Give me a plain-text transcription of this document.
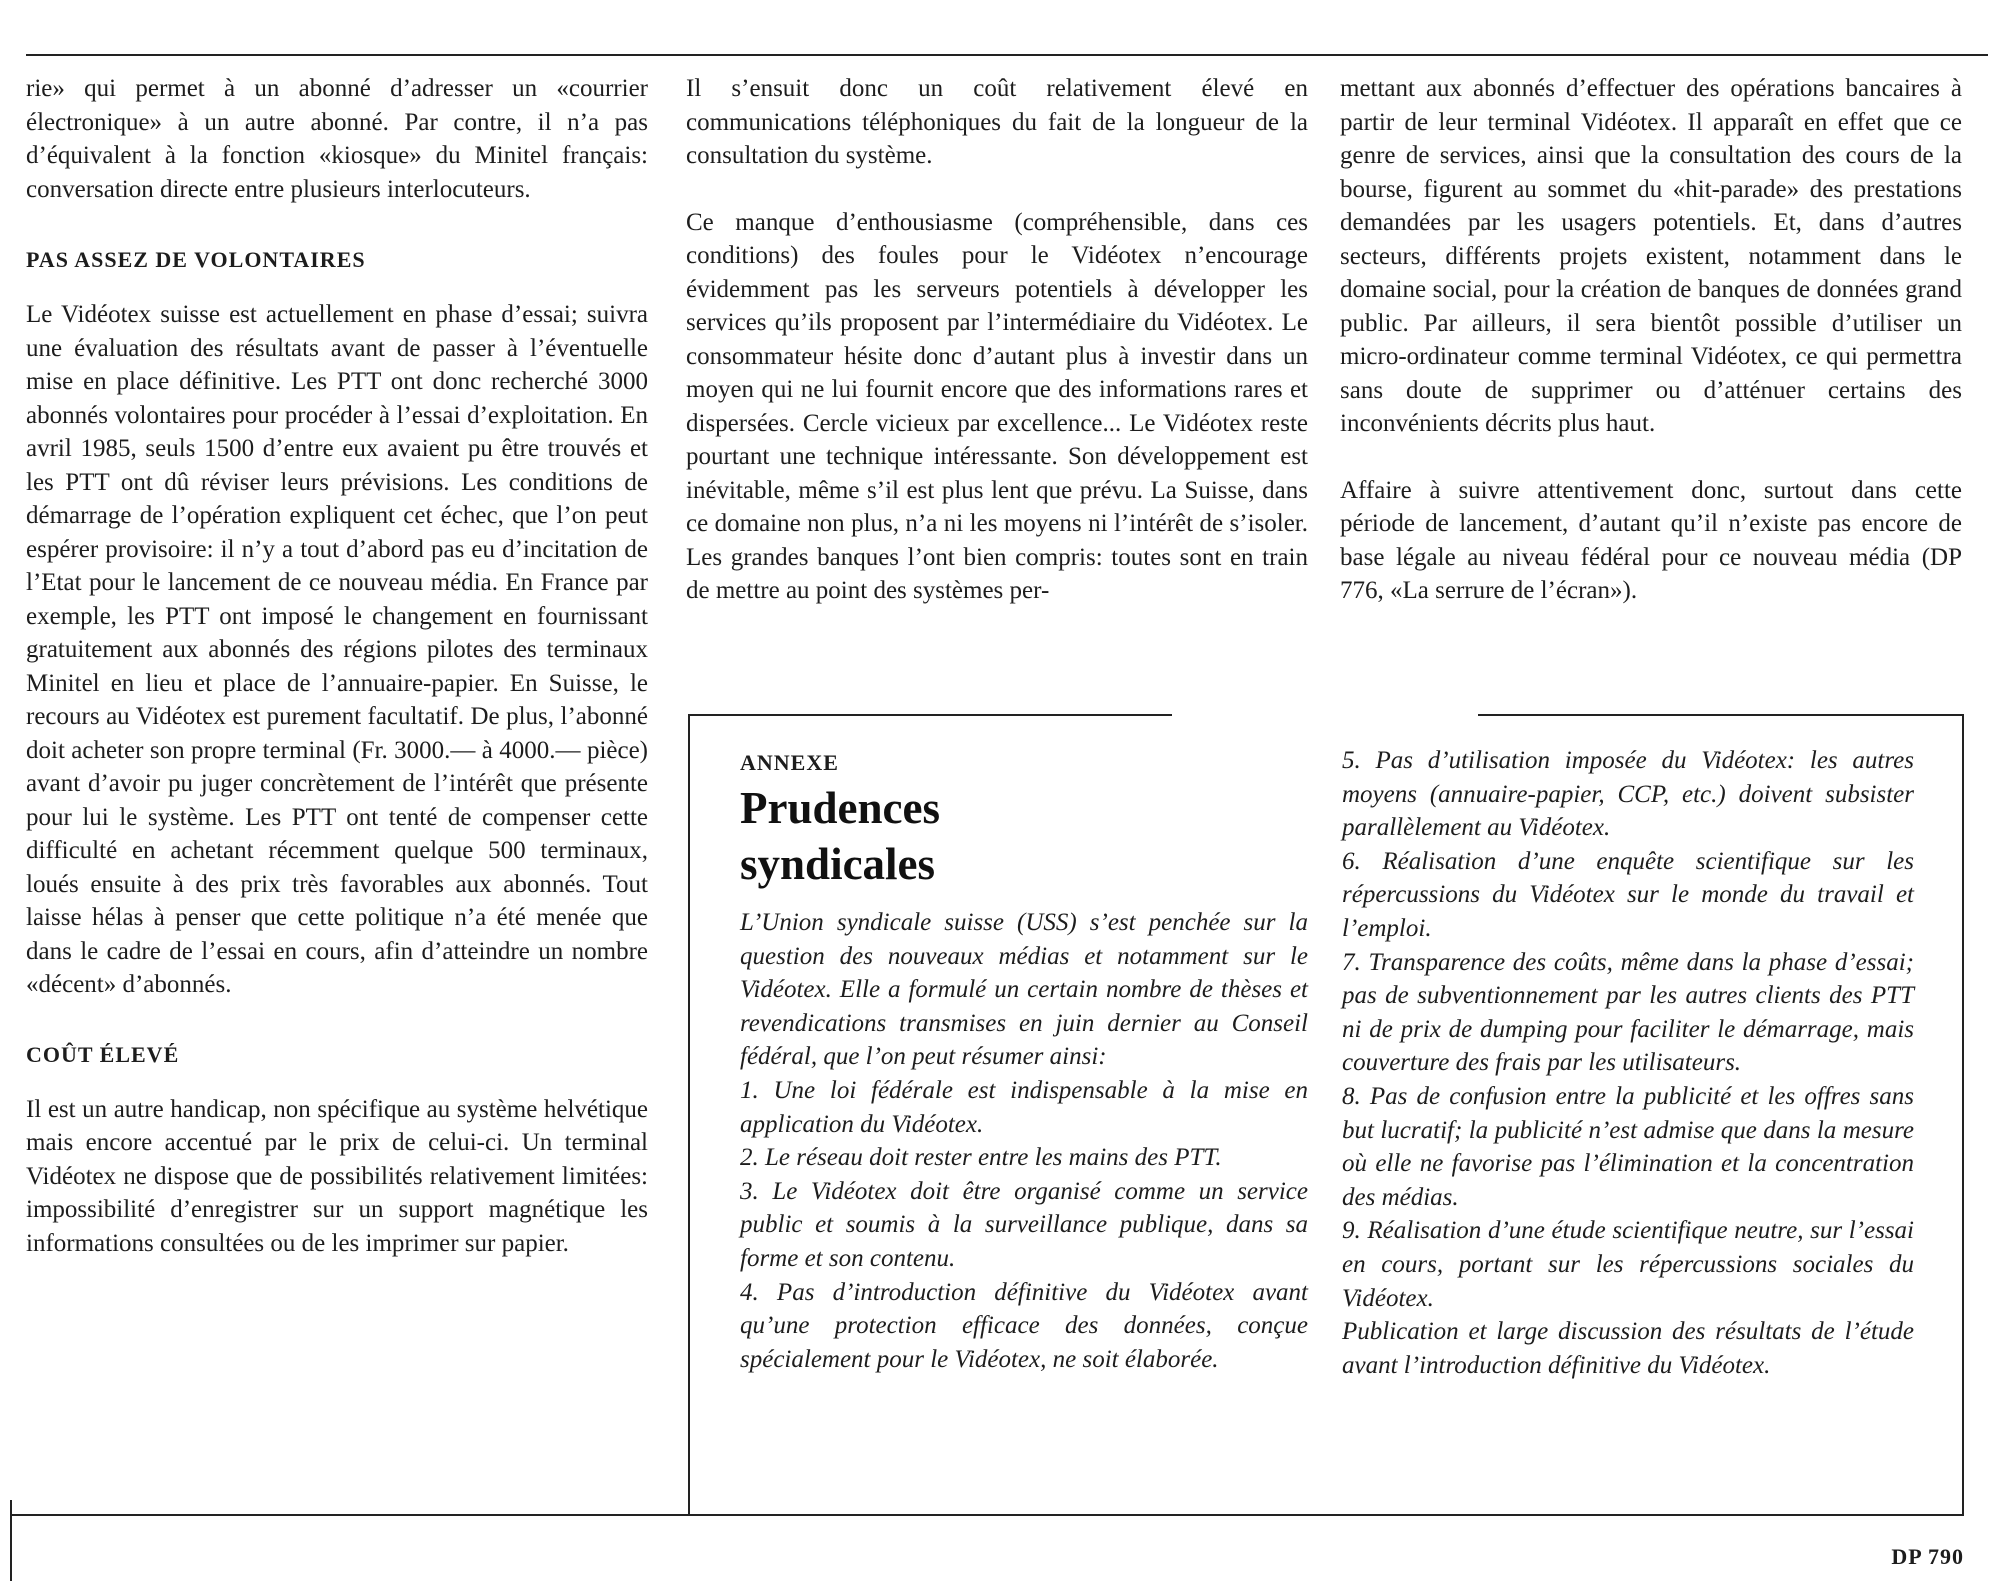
rie» qui permet à un abonné d’adresser un «courrier électronique» à un autre abonné. Par contre, il n’a pas d’équivalent à la fonction «kiosque» du Minitel français: conversation directe entre plusieurs interlocuteurs.

PAS ASSEZ DE VOLONTAIRES

Le Vidéotex suisse est actuellement en phase d’essai; suivra une évaluation des résultats avant de passer à l’éventuelle mise en place définitive. Les PTT ont donc recherché 3000 abonnés volontaires pour procéder à l’essai d’exploitation. En avril 1985, seuls 1500 d’entre eux avaient pu être trouvés et les PTT ont dû réviser leurs prévisions. Les conditions de démarrage de l’opération expliquent cet échec, que l’on peut espérer provisoire: il n’y a tout d’abord pas eu d’incitation de l’Etat pour le lancement de ce nouveau média. En France par exemple, les PTT ont imposé le changement en fournissant gratuitement aux abonnés des régions pilotes des terminaux Minitel en lieu et place de l’annuaire-papier. En Suisse, le recours au Vidéotex est purement facultatif. De plus, l’abonné doit acheter son propre terminal (Fr. 3000.— à 4000.— pièce) avant d’avoir pu juger concrètement de l’intérêt que présente pour lui le système. Les PTT ont tenté de compenser cette difficulté en achetant récemment quelque 500 terminaux, loués ensuite à des prix très favorables aux abonnés. Tout laisse hélas à penser que cette politique n’a été menée que dans le cadre de l’essai en cours, afin d’atteindre un nombre «décent» d’abonnés.

COÛT ÉLEVÉ

Il est un autre handicap, non spécifique au système helvétique mais encore accentué par le prix de celui-ci. Un terminal Vidéotex ne dispose que de possibilités relativement limitées: impossibilité d’enregistrer sur un support magnétique les informations consultées ou de les imprimer sur papier.

Il s’ensuit donc un coût relativement élevé en communications téléphoniques du fait de la longueur de la consultation du système.

Ce manque d’enthousiasme (compréhensible, dans ces conditions) des foules pour le Vidéotex n’encourage évidemment pas les serveurs potentiels à développer les services qu’ils proposent par l’intermédiaire du Vidéotex. Le consommateur hésite donc d’autant plus à investir dans un moyen qui ne lui fournit encore que des informations rares et dispersées. Cercle vicieux par excellence... Le Vidéotex reste pourtant une technique intéressante. Son développement est inévitable, même s’il est plus lent que prévu. La Suisse, dans ce domaine non plus, n’a ni les moyens ni l’intérêt de s’isoler. Les grandes banques l’ont bien compris: toutes sont en train de mettre au point des systèmes per-

mettant aux abonnés d’effectuer des opérations bancaires à partir de leur terminal Vidéotex. Il apparaît en effet que ce genre de services, ainsi que la consultation des cours de la bourse, figurent au sommet du «hit-parade» des prestations demandées par les usagers potentiels. Et, dans d’autres secteurs, différents projets existent, notamment dans le domaine social, pour la création de banques de données grand public. Par ailleurs, il sera bientôt possible d’utiliser un micro-ordinateur comme terminal Vidéotex, ce qui permettra sans doute de supprimer ou d’atténuer certains des inconvénients décrits plus haut.

Affaire à suivre attentivement donc, surtout dans cette période de lancement, d’autant qu’il n’existe pas encore de base légale au niveau fédéral pour ce nouveau média (DP 776, «La serrure de l’écran»).

ANNEXE
Prudences
syndicales

L’Union syndicale suisse (USS) s’est penchée sur la question des nouveaux médias et notamment sur le Vidéotex. Elle a formulé un certain nombre de thèses et revendications transmises en juin dernier au Conseil fédéral, que l’on peut résumer ainsi:

1. Une loi fédérale est indispensable à la mise en application du Vidéotex.

2. Le réseau doit rester entre les mains des PTT.

3. Le Vidéotex doit être organisé comme un service public et soumis à la surveillance publique, dans sa forme et son contenu.

4. Pas d’introduction définitive du Vidéotex avant qu’une protection efficace des données, conçue spécialement pour le Vidéotex, ne soit élaborée.

5. Pas d’utilisation imposée du Vidéotex: les autres moyens (annuaire-papier, CCP, etc.) doivent subsister parallèlement au Vidéotex.

6. Réalisation d’une enquête scientifique sur les répercussions du Vidéotex sur le monde du travail et l’emploi.

7. Transparence des coûts, même dans la phase d’essai; pas de subventionnement par les autres clients des PTT ni de prix de dumping pour faciliter le démarrage, mais couverture des frais par les utilisateurs.

8. Pas de confusion entre la publicité et les offres sans but lucratif; la publicité n’est admise que dans la mesure où elle ne favorise pas l’élimination et la concentration des médias.

9. Réalisation d’une étude scientifique neutre, sur l’essai en cours, portant sur les répercussions sociales du Vidéotex.

Publication et large discussion des résultats de l’étude avant l’introduction définitive du Vidéotex.

DP 790
